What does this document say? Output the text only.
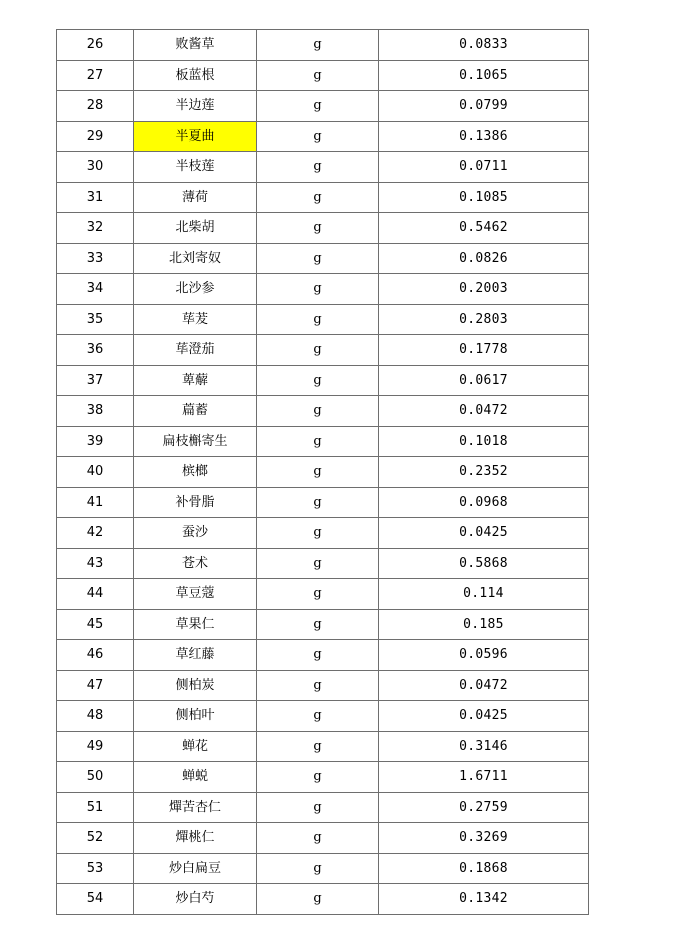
26	败酱草	g	0.0833
27	板蓝根	g	0.1065
28	半边莲	g	0.0799
29	半夏曲	g	0.1386
30	半枝莲	g	0.0711
31	薄荷	g	0.1085
32	北柴胡	g	0.5462
33	北刘寄奴	g	0.0826
34	北沙参	g	0.2003
35	荜茇	g	0.2803
36	荜澄茄	g	0.1778
37	萆薢	g	0.0617
38	萹蓄	g	0.0472
39	扁枝槲寄生	g	0.1018
40	槟榔	g	0.2352
41	补骨脂	g	0.0968
42	蚕沙	g	0.0425
43	苍术	g	0.5868
44	草豆蔻	g	0.114
45	草果仁	g	0.185
46	草红藤	g	0.0596
47	侧柏炭	g	0.0472
48	侧柏叶	g	0.0425
49	蝉花	g	0.3146
50	蝉蜕	g	1.6711
51	燀苦杏仁	g	0.2759
52	燀桃仁	g	0.3269
53	炒白扁豆	g	0.1868
54	炒白芍	g	0.1342
